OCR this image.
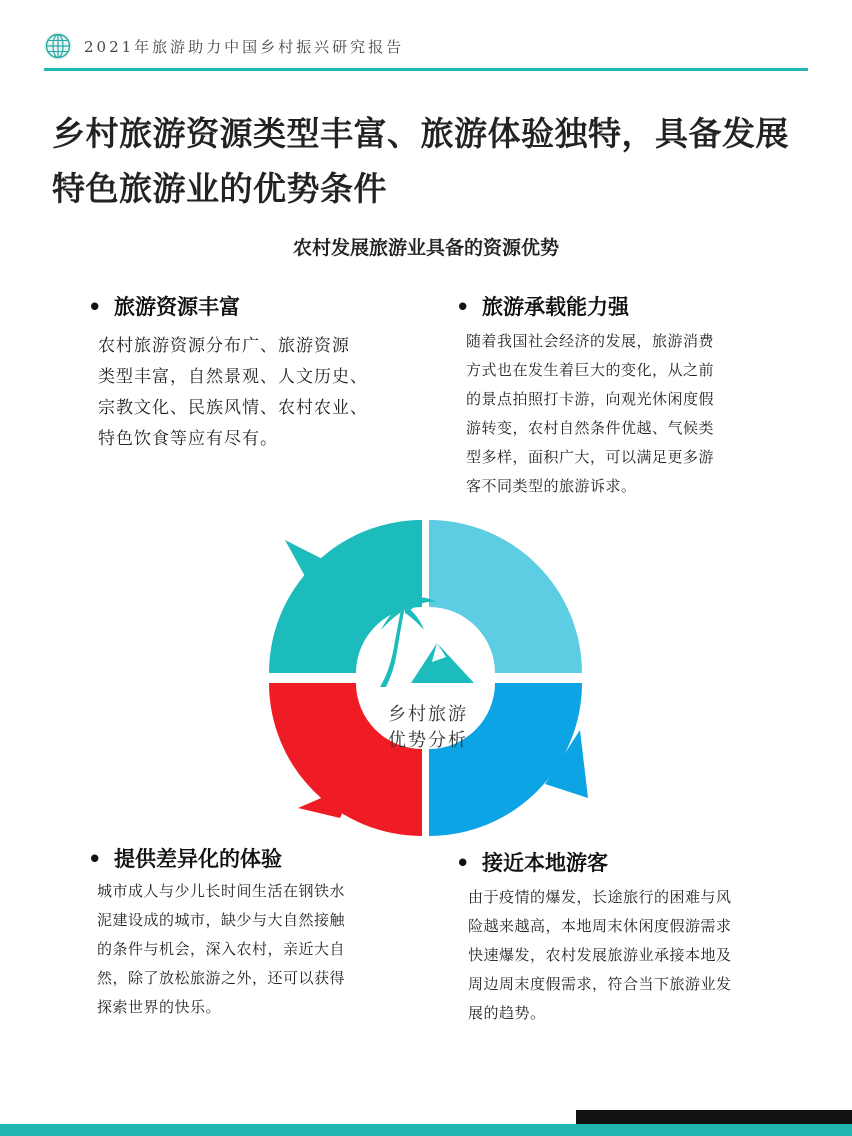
2021年旅游助力中国乡村振兴研究报告
乡村旅游资源类型丰富、旅游体验独特，具备发展特色旅游业的优势条件
农村发展旅游业具备的资源优势
• 旅游资源丰富
农村旅游资源分布广、旅游资源
类型丰富，自然景观、人文历史、
宗教文化、民族风情、农村农业、
特色饮食等应有尽有。
• 旅游承载能力强
随着我国社会经济的发展，旅游消费
方式也在发生着巨大的变化，从之前
的景点拍照打卡游，向观光休闲度假
游转变，农村自然条件优越、气候类
型多样，面积广大，可以满足更多游
客不同类型的旅游诉求。
乡村旅游
优势分析
• 提供差异化的体验
城市成人与少儿长时间生活在钢铁水
泥建设成的城市，缺少与大自然接触
的条件与机会，深入农村，亲近大自
然，除了放松旅游之外，还可以获得
探索世界的快乐。
• 接近本地游客
由于疫情的爆发，长途旅行的困难与风
险越来越高，本地周末休闲度假游需求
快速爆发，农村发展旅游业承接本地及
周边周末度假需求，符合当下旅游业发
展的趋势。
